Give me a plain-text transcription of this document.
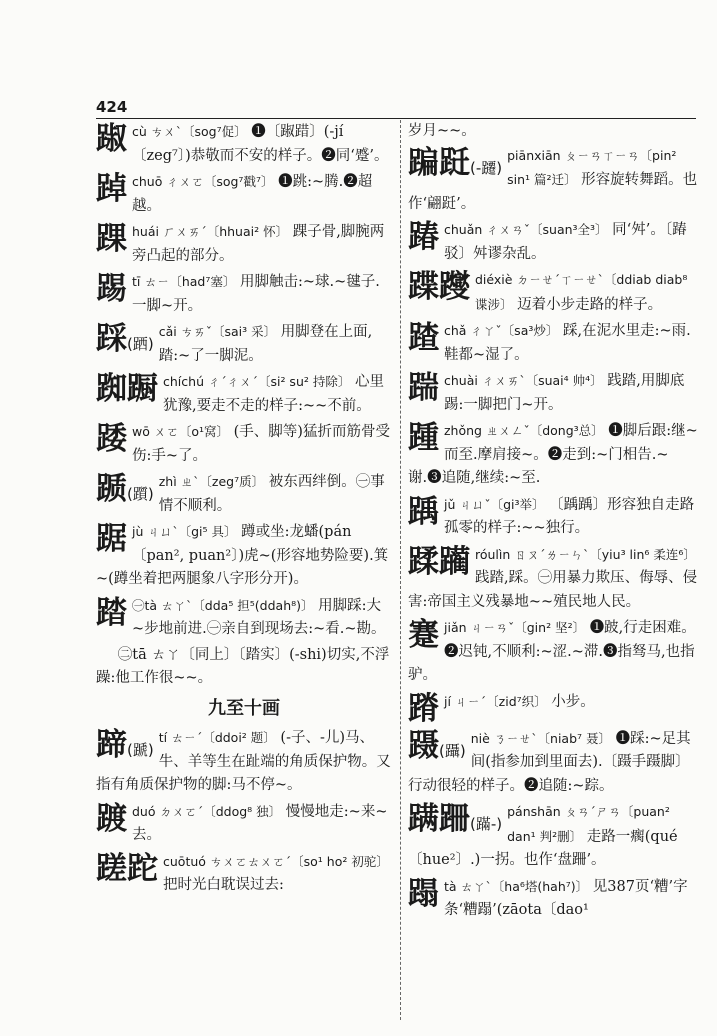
424
踧cù ㄘㄨˋ〔sog⁷促〕 ❶〔踧踖〕(-jí〔zeg⁷〕)恭敬而不安的样子。❷同‘蹙’。
踔chuō ㄔㄨㄛ〔sog⁷戳⁷〕 ❶跳:~腾.❷超越。
踝huái ㄏㄨㄞˊ〔hhuai² 怀〕 踝子骨,脚腕两旁凸起的部分。
踢tī ㄊㄧ〔had⁷塞〕 用脚触击:~球.~毽子.一脚~开。
踩(跴)
cǎi ㄘㄞˇ〔sai³ 采〕 用脚登在上面,踏:~了一脚泥。
踟蹰 chíchú ㄔˊㄔㄨˊ〔si² su² 持除〕 心里犹豫,要走不走的样子:~~不前。
踒wō ㄨㄛ〔o¹窝〕 (手、脚等)猛折而筋骨受伤:手~了。
踬(躓)
zhì ㄓˋ〔zeg⁷质〕 被东西绊倒。㊀事情不顺利。
踞jù ㄐㄩˋ〔gi⁵ 具〕 蹲或坐:龙蟠(pán〔pan², puan²〕)虎~(形容地势险要).箕~(蹲坐着把两腿象八字形分开)。
踏 ㊀tà ㄊㄚˋ〔dda⁵ 担⁵(ddah⁸)〕 用脚踩:大~步地前进.㊀亲自到现场去:~看.~勘。
㊁tā ㄊㄚ〔同上〕〔踏实〕(-shi)切实,不浮躁:他工作很~~。
九至十画
蹄(蹏)
tí ㄊㄧˊ〔ddoi² 题〕 (-子、-儿)马、牛、羊等生在趾端的角质保护物。又指有角质保护物的脚:马不停~。
踱duó ㄉㄨㄛˊ〔ddog⁸ 独〕 慢慢地走:~来~去。
蹉跎 cuōtuó ㄘㄨㄛㄊㄨㄛˊ〔so¹ ho² 初驼〕 把时光白耽误过去:
岁月~~。
蹁跹(-躚)
piānxiān ㄆㄧㄢㄒㄧㄢ〔pin² sin¹ 篇²迁〕 形容旋转舞蹈。也作‘翩跹’。
踳chuǎn ㄔㄨㄢˇ〔suan³全³〕 同‘舛’。〔踳驳〕舛谬杂乱。
蹀躞 diéxiè ㄉㄧㄝˊㄒㄧㄝˋ〔ddiab diab⁸ 谍涉〕 迈着小步走路的样子。
蹅chǎ ㄔㄚˇ〔sa³炒〕 踩,在泥水里走:~雨.鞋都~湿了。
踹chuài ㄔㄨㄞˋ〔suai⁴ 帅⁴〕 践踏,用脚底踢:一脚把门~开。
踵zhǒng ㄓㄨㄥˇ〔dong³总〕 ❶脚后跟:继~而至.摩肩接~。❷走到:~门相告.~谢.❸追随,继续:~至.
踽jǔ ㄐㄩˇ〔gi³举〕 〔踽踽〕形容独自走路孤零的样子:~~独行。
蹂躏 róulìn ㄖㄡˊㄌㄧㄣˋ〔yiu³ lin⁶ 柔连⁶〕 践踏,踩。㊀用暴力欺压、侮辱、侵害:帝国主义残暴地~~殖民地人民。
蹇jiǎn ㄐㄧㄢˇ〔gin² 坚²〕 ❶跛,行走困难。❷迟钝,不顺利:~涩.~滞.❸指驽马,也指驴。
蹐jí ㄐㄧˊ〔zid⁷织〕 小步。
蹑(躡)
niè ㄋㄧㄝˋ〔niab⁷ 聂〕 ❶踩:~足其间(指参加到里面去).〔蹑手蹑脚〕行动很轻的样子。❷追随:~踪。
蹒跚(蹣-)
pánshān ㄆㄢˊㄕㄢ〔puan² dan¹ 判²删〕 走路一瘸(qué〔hue²〕.)一拐。也作‘盘跚’。
蹋tà ㄊㄚˋ〔ha⁶塔(hah⁷)〕 见387页‘糟’字条‘糟蹋’(zāota〔dao¹
